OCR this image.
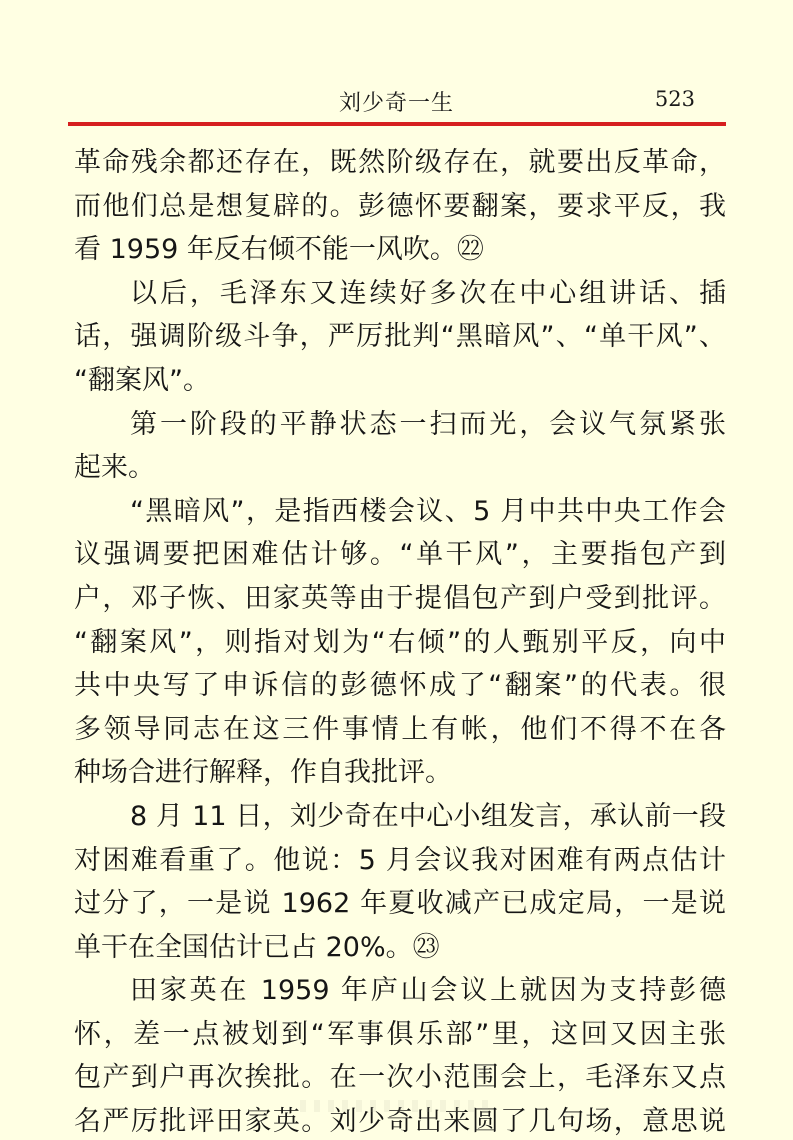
刘少奇一生	523
革命残余都还存在，既然阶级存在，就要出反革命，
而他们总是想复辟的。彭德怀要翻案，要求平反，我
看 1959 年反右倾不能一风吹。㉒
以后，毛泽东又连续好多次在中心组讲话、插
话，强调阶级斗争，严厉批判“黑暗风”、“单干风”、
“翻案风”。
第一阶段的平静状态一扫而光，会议气氛紧张
起来。
“黑暗风”，是指西楼会议、5 月中共中央工作会
议强调要把困难估计够。“单干风”，主要指包产到
户，邓子恢、田家英等由于提倡包产到户受到批评。
“翻案风”，则指对划为“右倾”的人甄别平反，向中
共中央写了申诉信的彭德怀成了“翻案”的代表。很
多领导同志在这三件事情上有帐，他们不得不在各
种场合进行解释，作自我批评。
8 月 11 日，刘少奇在中心小组发言，承认前一段
对困难看重了。他说：5 月会议我对困难有两点估计
过分了，一是说 1962 年夏收减产已成定局，一是说
单干在全国估计已占 20%。㉓
田家英在 1959 年庐山会议上就因为支持彭德
怀，差一点被划到“军事俱乐部”里，这回又因主张
包产到户再次挨批。在一次小范围会上，毛泽东又点
名严厉批评田家英。刘少奇出来圆了几句场，意思说
